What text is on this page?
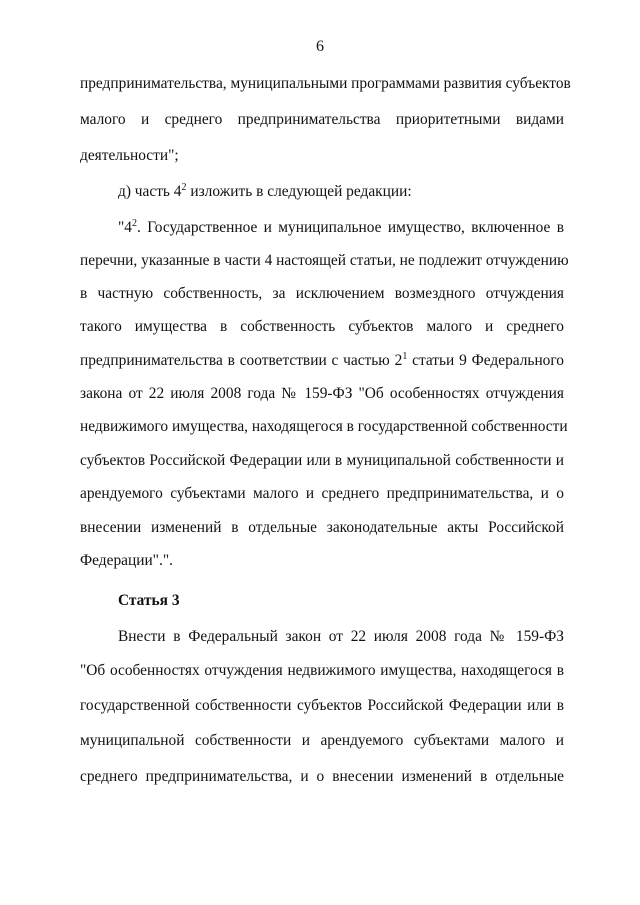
6
предпринимательства, муниципальными программами развития субъектов
малого и среднего предпринимательства приоритетными видами
деятельности";
д) часть $4^2$ изложить в следующей редакции:
"$4^2$. Государственное и муниципальное имущество, включенное в
перечни, указанные в части 4 настоящей статьи, не подлежит отчуждению
в частную собственность, за исключением возмездного отчуждения
такого имущества в собственность субъектов малого и среднего
предпринимательства в соответствии с частью $2^1$ статьи 9 Федерального
закона от 22 июля 2008 года № 159-ФЗ "Об особенностях отчуждения
недвижимого имущества, находящегося в государственной собственности
субъектов Российской Федерации или в муниципальной собственности и
арендуемого субъектами малого и среднего предпринимательства, и о
внесении изменений в отдельные законодательные акты Российской
Федерации".".
Статья 3
Внести в Федеральный закон от 22 июля 2008 года № 159-ФЗ
"Об особенностях отчуждения недвижимого имущества, находящегося в
государственной собственности субъектов Российской Федерации или в
муниципальной собственности и арендуемого субъектами малого и
среднего предпринимательства, и о внесении изменений в отдельные
